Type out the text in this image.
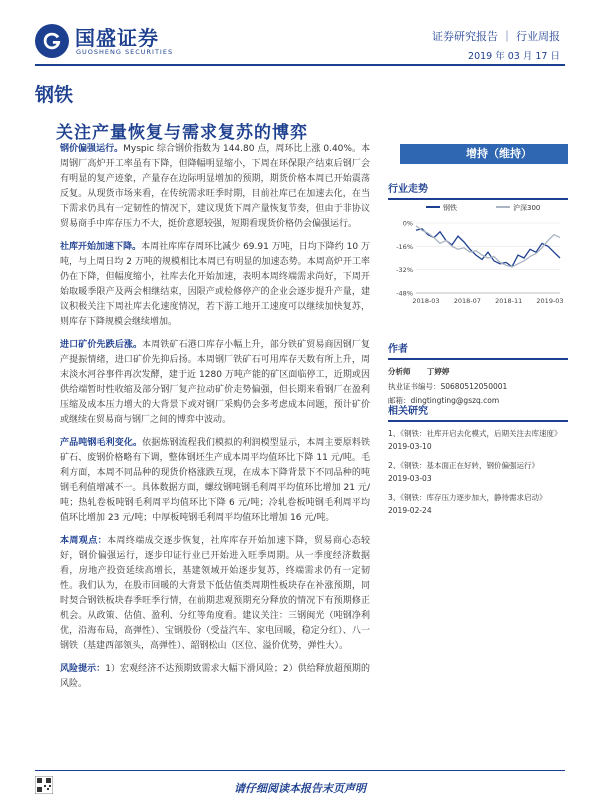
国盛证券
GUOSHENG SECURITIES
证券研究报告 ｜ 行业周报
2019 年 03 月 17 日
钢铁
关注产量恢复与需求复苏的博弈

钢价偏强运行。Myspic 综合钢价指数为 144.80 点，周环比上涨 0.40%。本周钢厂高炉开工率虽有下降，但降幅明显缩小，下周在环保限产结束后钢厂会有明显的复产迹象，产量存在边际明显增加的预期，期货价格本周已开始震荡反复。从现货市场来看，在传统需求旺季时期，目前社库已在加速去化，在当下需求仍具有一定韧性的情况下，建议现货下周产量恢复节奏，但由于非协议贸易商手中库存压力不大，挺价意愿较强，短期看现货价格仍会偏强运行。

社库开始加速下降。本周社库库存周环比减少 69.91 万吨，日均下降约 10 万吨，与上周日均 2 万吨的规模相比本周已有明显的加速态势。本周高炉开工率仍在下降，但幅度缩小，社库去化开始加速，表明本周终端需求尚好，下周开始取暖季限产及两会相继结束，因限产或检修停产的企业会逐步提升产量，建议积极关注下周社库去化速度情况，若下游工地开工速度可以继续加快复苏，则库存下降规模会继续增加。

进口矿价先跌后涨。本周铁矿石港口库存小幅上升，部分铁矿贸易商因钢厂复产提振情绪，进口矿价先抑后扬。本周钢厂铁矿石可用库存天数有所上升，周末淡水河谷事件再次发酵，建于近 1280 万吨产能的矿区面临停工，近期或因供给端暂时性收缩及部分钢厂复产拉动矿价走势偏强，但长期来看钢厂在盈利压缩及成本压力增大的大背景下或对钢厂采购仍会多考虑成本问题，预计矿价或继续在贸易商与钢厂之间的博弈中波动。

产品吨钢毛利变化。依据炼钢流程我们模拟的利润模型显示，本周主要原料铁矿石、废钢价格略有下调，整体钢坯生产成本周平均值环比下降 11 元/吨。毛利方面，本周不同品种的现货价格涨跌互现，在成本下降背景下不同品种的吨钢毛利值增减不一。具体数据方面，螺纹钢吨钢毛利周平均值环比增加 21 元/吨；热轧卷板吨钢毛利周平均值环比下降 6 元/吨；冷轧卷板吨钢毛利周平均值环比增加 23 元/吨；中厚板吨钢毛利周平均值环比增加 16 元/吨。

本周观点：本周终端成交逐步恢复，社库库存开始加速下降，贸易商心态较好，钢价偏强运行，逐步印证行业已开始进入旺季周期。从一季度经济数据看，房地产投资延续高增长，基建领域开始逐步复苏，终端需求仍有一定韧性。我们认为，在股市回暖的大背景下低估值类周期性板块存在补涨预期，同时契合钢铁板块春季旺季行情，在前期悲观预期充分释放的情况下有预期修正机会。从政策、估值、盈利、分红等角度看。建议关注：三钢闽光（吨钢净利优，沿海布局，高弹性）、宝钢股份（受益汽车、家电回暖，稳定分红）、八一钢铁（基建西部领头，高弹性）、韶钢松山（区位、溢价优势，弹性大）。

风险提示：1）宏观经济不达预期致需求大幅下滑风险；2）供给释放超预期的风险。

增持（维持）
行业走势
钢铁	沪深300
0%
-16%
-32%
-48%
2018-03 2018-07 2018-11 2019-03
作者
分析师 丁婷婷
执业证书编号：S0680512050001
邮箱：dingtingting@gszq.com
相关研究
1、《钢铁：社库开启去化模式，后期关注去库速度》
2019-03-10
2、《钢铁：基本面正在好转，钢价偏强运行》
2019-03-03
3、《钢铁：库存压力逐步加大，静待需求启动》
2019-02-24
请仔细阅读本报告末页声明
